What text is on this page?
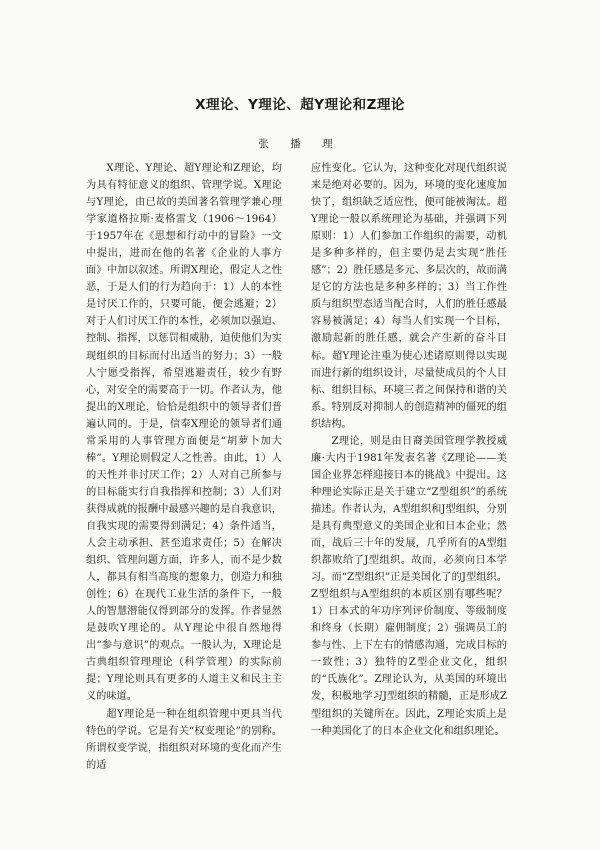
X理论、Y理论、超Y理论和Z理论
张 播 理

X理论、Y理论、超Y理论和Z理论，均为具有特征意义的组织、管理学说。X理论与Y理论，由已故的美国著名管理学兼心理学家道格拉斯·麦格雷戈（1906～1964）于1957年在《思想和行动中的冒险》一文中提出，进而在他的名著《企业的人事方面》中加以叙述。所谓X理论，假定人之性恶，于是人们的行为趋向于：1）人的本性是讨厌工作的，只要可能，便会逃避；2）对于人们讨厌工作的本性，必须加以强迫、控制、指挥，以惩罚相威胁，迫使他们为实现组织的目标而付出适当的努力；3）一般人宁愿受指挥，希望逃避责任，较少有野心，对安全的需要高于一切。作者认为，他提出的X理论，恰恰是组织中的领导者们普遍认同的。于是，信奉X理论的领导者们通常采用的人事管理方面便是“胡萝卜加大棒”。Y理论则假定人之性善。由此，1）人的天性并非讨厌工作；2）人对自己所参与的目标能实行自我指挥和控制；3）人们对获得成就的报酬中最感兴趣的是自我意识，自我实现的需要得到满足；4）条件适当，人会主动承担、甚至追求责任；5）在解决组织、管理问题方面，许多人，而不是少数人，都具有相当高度的想象力，创造力和独创性；6）在现代工业生活的条件下，一般人的智慧潜能仅得到部分的发挥。作者显然是鼓吹Y理论的。从Y理论中很自然地得出“参与意识”的观点。一般认为，X理论是古典组织管理理论（科学管理）的实际前提；Y理论则具有更多的人道主义和民主主义的味道。

超Y理论是一种在组织管理中更具当代特色的学说。它是有关“权变理论”的别称。所谓权变学说，指组织对环境的变化而产生的适

应性变化。它认为，这种变化对现代组织说来是绝对必要的。因为，环境的变化速度加快了，组织缺乏适应性，便可能被淘汰。超Y理论一般以系统理论为基础，并强调下列原则：1）人们参加工作组织的需要，动机是多种多样的，但主要仍是去实现“胜任感”；2）胜任感是多元、多层次的，故而满足它的方法也是多种多样的；3）当工作性质与组织型态适当配合时，人们的胜任感最容易被满足；4）每当人们实现一个目标，激励起新的胜任感，就会产生新的奋斗目标。超Y理论注重为使心述诸原则得以实现而进行新的组织设计，尽量使成员的个人目标、组织目标、环境三者之间保持和谐的关系。特别反对抑制人的创造精神的僵死的组织结构。

Z理论，则是由日裔美国管理学教授威廉·大内于1981年发表名著《Z理论——美国企业界怎样迎接日本的挑战》中提出。这种理论实际正是关于建立“Z型组织”的系统描述。作者认为，A型组织和J型组织，分别是具有典型意义的美国企业和日本企业；然而，战后三十年的发展，几乎所有的A型组织都败给了J型组织。故而，必须向日本学习。而“Z型组织”正是美国化了的J型组织。Z型组织与A型组织的本质区别有哪些呢？1）日本式的年功序列评价制度、等级制度和终身（长期）雇佣制度；2）强调员工的参与性、上下左右的情感沟通，完成目标的一致性；3）独特的Z型企业文化，组织的“氏族化”。Z理论认为，从美国的环境出发，积极地学习J型组织的精髓，正是形成Z型组织的关键所在。因此，Z理论实质上是一种美国化了的日本企业文化和组织理论。
